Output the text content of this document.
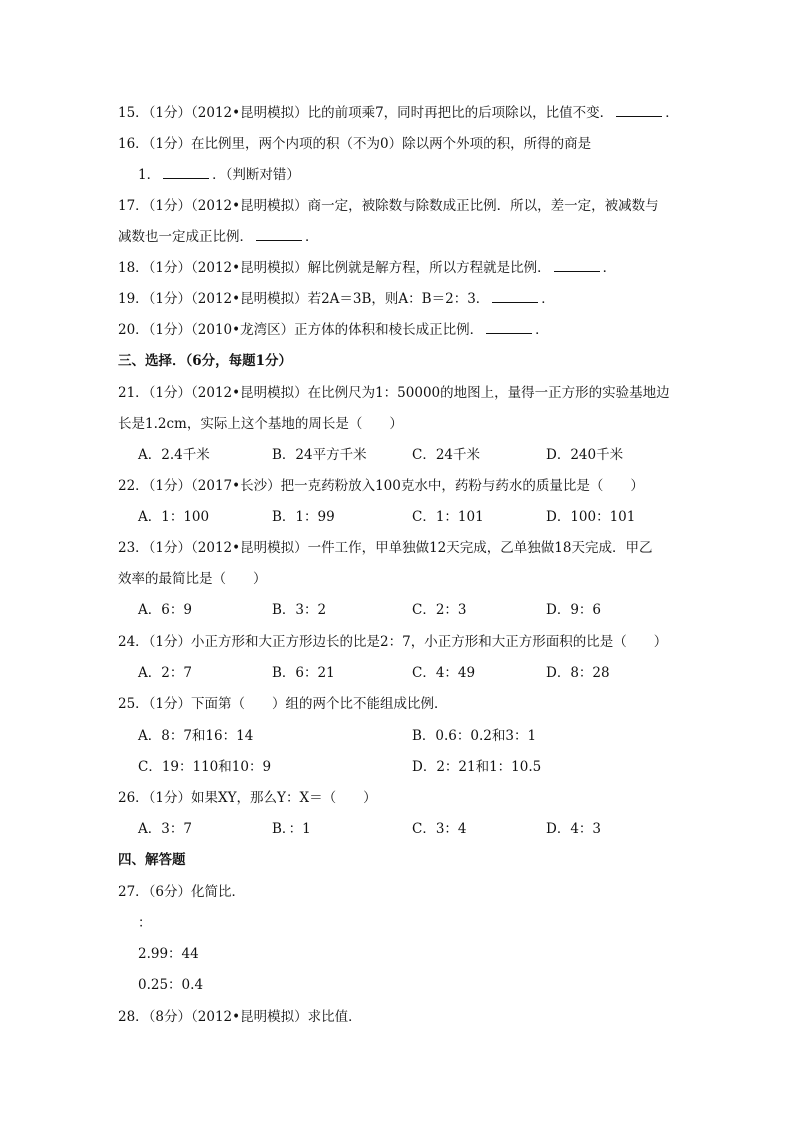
15．（1分）（2012•昆明模拟）比的前项乘7，同时再把比的后项除以，比值不变．	．
16．（1分）在比例里，两个内项的积（不为0）除以两个外项的积，所得的商是
1．	．（判断对错）
17．（1分）（2012•昆明模拟）商一定，被除数与除数成正比例．所以，差一定，被减数与
减数也一定成正比例．	．
18．（1分）（2012•昆明模拟）解比例就是解方程，所以方程就是比例．	．
19．（1分）（2012•昆明模拟）若2A＝3B，则A：B＝2：3．	．
20．（1分）（2010•龙湾区）正方体的体积和棱长成正比例．	．
三、选择．（6分，每题1分）
21．（1分）（2012•昆明模拟）在比例尺为1：50000的地图上，量得一正方形的实验基地边
长是1.2cm，实际上这个基地的周长是（　　）
A．2.4千米	B．24平方千米	C．24千米	D．240千米
22．（1分）（2017•长沙）把一克药粉放入100克水中，药粉与药水的质量比是（　　）
A．1：100	B．1：99	C．1：101	D．100：101
23．（1分）（2012•昆明模拟）一件工作，甲单独做12天完成，乙单独做18天完成．甲乙
效率的最简比是（　　）
A．6：9	B．3：2	C．2：3	D．9：6
24．（1分）小正方形和大正方形边长的比是2：7，小正方形和大正方形面积的比是（　　）
A．2：7	B．6：21	C．4：49	D．8：28
25．（1分）下面第（　　）组的两个比不能组成比例．
A．8：7和16：14	B．0.6：0.2和3：1
C．19：110和10：9	D．2：21和1：10.5
26．（1分）如果XY，那么Y：X＝（　　）
A．3：7	B．：1	C．3：4	D．4：3
四、解答题
27．（6分）化简比．
：
2.99：44
0.25：0.4
28．（8分）（2012•昆明模拟）求比值．
